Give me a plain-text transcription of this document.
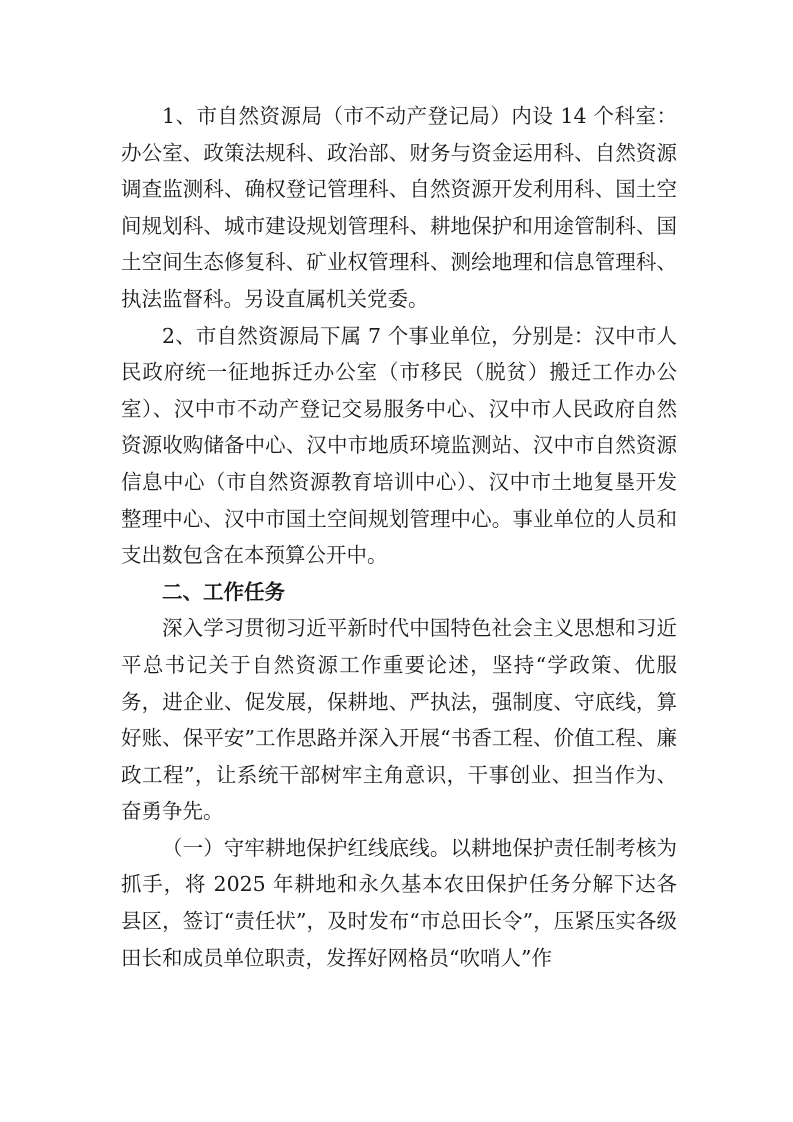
1、市自然资源局（市不动产登记局）内设 14 个科室：办公室、政策法规科、政治部、财务与资金运用科、自然资源调查监测科、确权登记管理科、自然资源开发利用科、国土空间规划科、城市建设规划管理科、耕地保护和用途管制科、国土空间生态修复科、矿业权管理科、测绘地理和信息管理科、执法监督科。另设直属机关党委。

2、市自然资源局下属 7 个事业单位，分别是：汉中市人民政府统一征地拆迁办公室（市移民（脱贫）搬迁工作办公室）、汉中市不动产登记交易服务中心、汉中市人民政府自然资源收购储备中心、汉中市地质环境监测站、汉中市自然资源信息中心（市自然资源教育培训中心）、汉中市土地复垦开发整理中心、汉中市国土空间规划管理中心。事业单位的人员和支出数包含在本预算公开中。

二、工作任务

深入学习贯彻习近平新时代中国特色社会主义思想和习近平总书记关于自然资源工作重要论述，坚持“学政策、优服务，进企业、促发展，保耕地、严执法，强制度、守底线，算好账、保平安”工作思路并深入开展“书香工程、价值工程、廉政工程”，让系统干部树牢主角意识，干事创业、担当作为、奋勇争先。

（一）守牢耕地保护红线底线。以耕地保护责任制考核为抓手，将 2025 年耕地和永久基本农田保护任务分解下达各县区，签订“责任状”，及时发布“市总田长令”，压紧压实各级田长和成员单位职责，发挥好网格员“吹哨人”作
